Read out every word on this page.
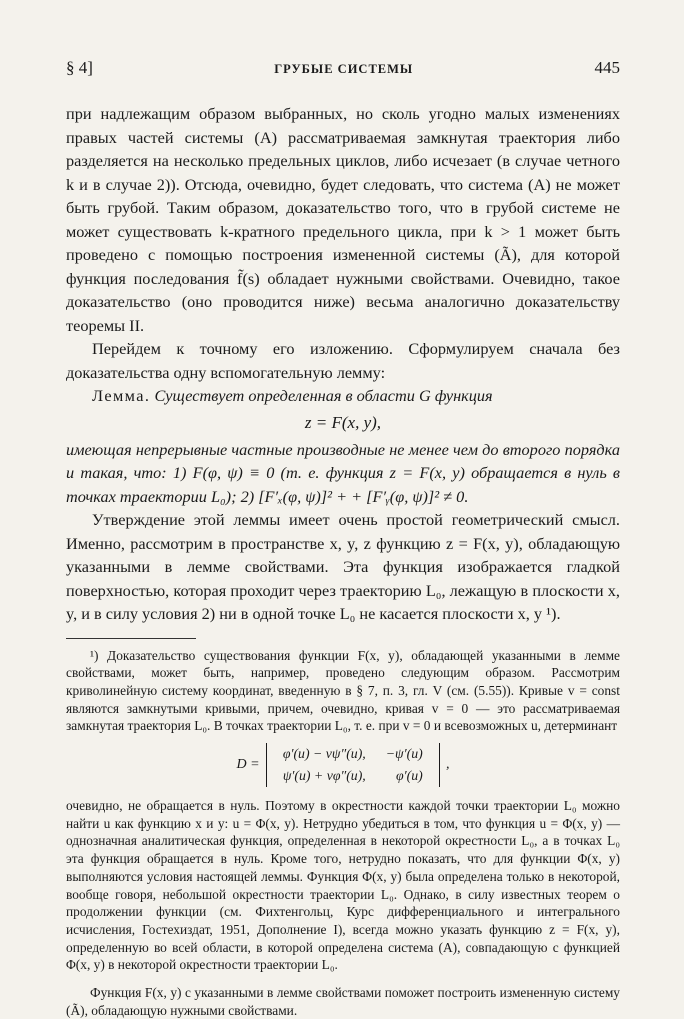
§ 4]	ГРУБЫЕ СИСТЕМЫ	445

при надлежащим образом выбранных, но сколь угодно малых изменениях правых частей системы (A) рассматриваемая замкнутая траектория либо разделяется на несколько предельных циклов, либо исчезает (в случае четного k и в случае 2)). Отсюда, очевидно, будет следовать, что система (A) не может быть грубой. Таким образом, доказательство того, что в грубой системе не может существовать k-кратного предельного цикла, при k > 1 может быть проведено с помощью построения измененной системы (Ã), для которой функция последования f̃(s) обладает нужными свойствами. Очевидно, такое доказательство (оно проводится ниже) весьма аналогично доказательству теоремы II.

Перейдем к точному его изложению. Сформулируем сначала без доказательства одну вспомогательную лемму:

Лемма. Существует определенная в области G функция

z = F(x, y),

имеющая непрерывные частные производные не менее чем до второго порядка и такая, что: 1) F(φ, ψ) ≡ 0 (т. е. функция z = F(x, y) обращается в нуль в точках траектории L₀); 2) [F′ₓ(φ, ψ)]² + + [F′ᵧ(φ, ψ)]² ≠ 0.

Утверждение этой леммы имеет очень простой геометрический смысл. Именно, рассмотрим в пространстве x, y, z функцию z = F(x, y), обладающую указанными в лемме свойствами. Эта функция изображается гладкой поверхностью, которая проходит через траекторию L₀, лежащую в плоскости x, y, и в силу условия 2) ни в одной точке L₀ не касается плоскости x, y ¹).

¹) Доказательство существования функции F(x, y), обладающей указанными в лемме свойствами, может быть, например, проведено следующим образом. Рассмотрим криволинейную систему координат, введенную в § 7, п. 3, гл. V (см. (5.55)). Кривые v = const являются замкнутыми кривыми, причем, очевидно, кривая v = 0 — это рассматриваемая замкнутая траектория L₀. В точках траектории L₀, т. е. при v = 0 и всевозможных u, детерминант

D =
φ′(u) − vψ″(u),	−ψ′(u)
ψ′(u) + vφ″(u),	φ′(u)
,

очевидно, не обращается в нуль. Поэтому в окрестности каждой точки траектории L₀ можно найти u как функцию x и y: u = Φ(x, y). Нетрудно убедиться в том, что функция u = Φ(x, y) — однозначная аналитическая функция, определенная в некоторой окрестности L₀, а в точках L₀ эта функция обращается в нуль. Кроме того, нетрудно показать, что для функции Φ(x, y) выполняются условия настоящей леммы. Функция Φ(x, y) была определена только в некоторой, вообще говоря, небольшой окрестности траектории L₀. Однако, в силу известных теорем о продолжении функции (см. Фихтенгольц, Курс дифференциального и интегрального исчисления, Гостехиздат, 1951, Дополнение I), всегда можно указать функцию z = F(x, y), определенную во всей области, в которой определена система (A), совпадающую с функцией Φ(x, y) в некоторой окрестности траектории L₀.

Функция F(x, y) с указанными в лемме свойствами поможет построить измененную систему (Ã), обладающую нужными свойствами.
